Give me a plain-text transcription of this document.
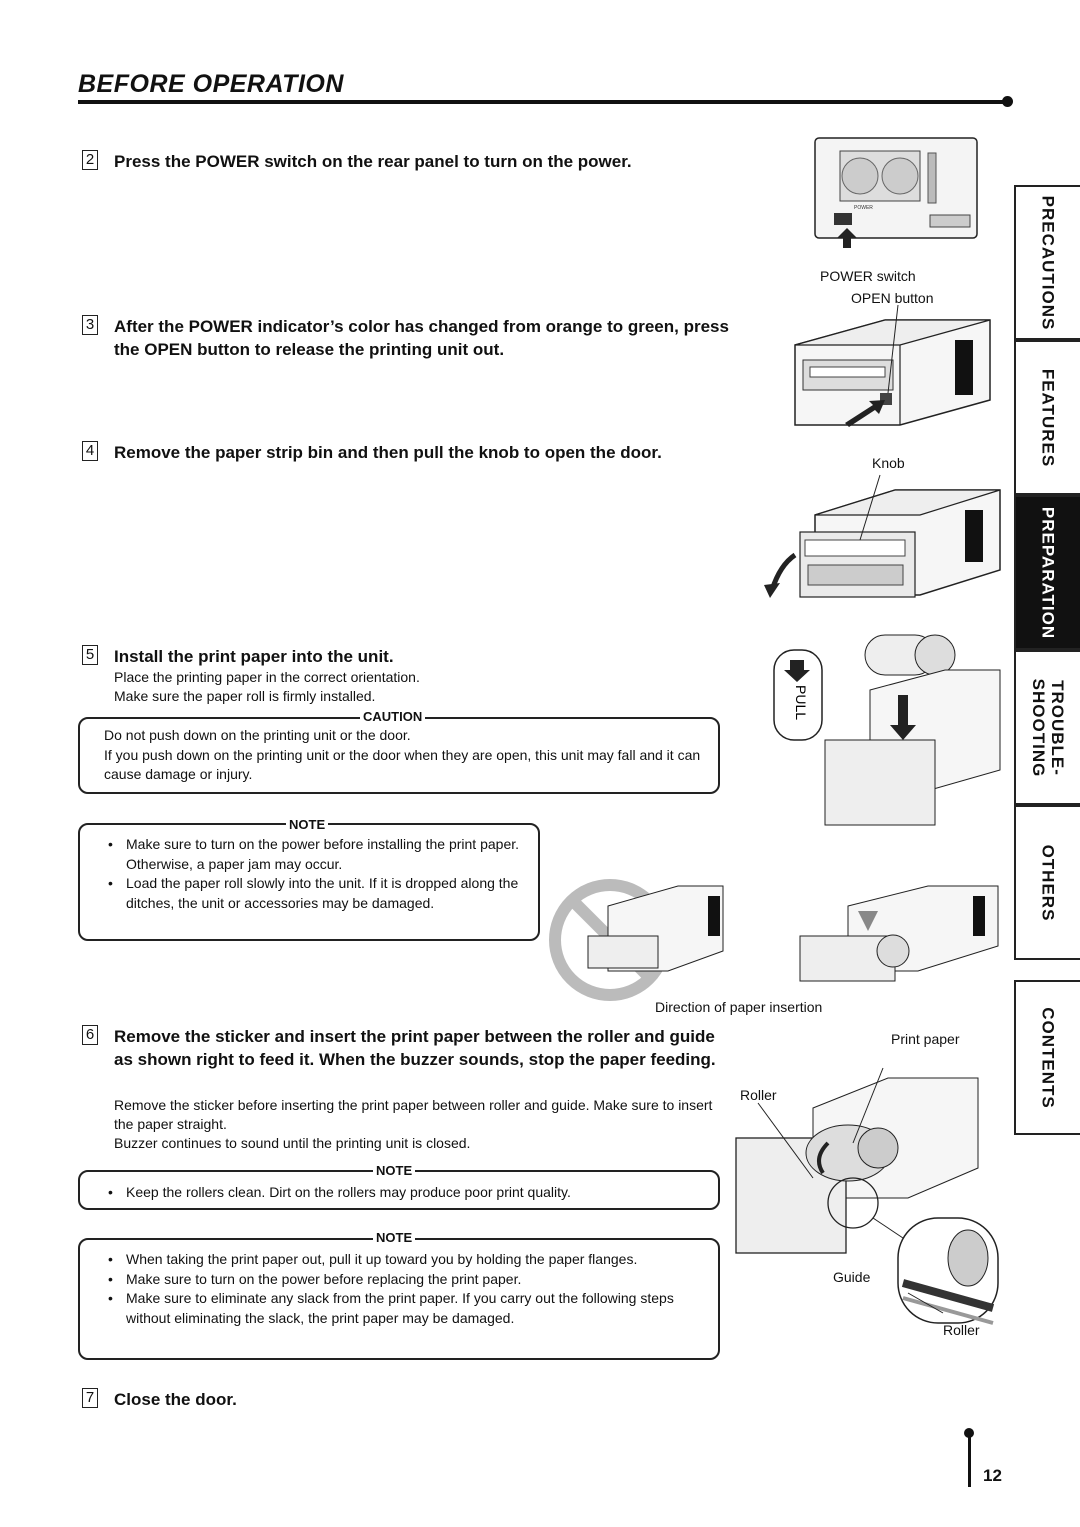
BEFORE OPERATION
2 Press the POWER switch on the rear panel to turn on the power.
3 After the POWER indicator’s color has changed from orange to green, press the OPEN button to release the printing unit out.
4 Remove the paper strip bin and then pull the knob to open the door.
5 Install the print paper into the unit.
Place the printing paper in the correct orientation.
Make sure the paper roll is firmly installed.
CAUTION
Do not push down on the printing unit or the door.
If you push down on the printing unit or the door when they are open, this unit may fall and it can cause damage or injury.
NOTE
• Make sure to turn on the power before installing the print paper. Otherwise, a paper jam may occur.
• Load the paper roll slowly into the unit. If it is dropped along the ditches, the unit or accessories may be damaged.
6 Remove the sticker and insert the print paper between the roller and guide as shown right to feed it. When the buzzer sounds, stop the paper feeding.
Remove the sticker before inserting the print paper between roller and guide. Make sure to insert the paper straight.
Buzzer continues to sound until the printing unit is closed.
NOTE
• Keep the rollers clean. Dirt on the rollers may produce poor print quality.
NOTE
• When taking the print paper out, pull it up toward you by holding the paper flanges.
• Make sure to turn on the power before replacing the print paper.
• Make sure to eliminate any slack from the print paper. If you carry out the following steps without eliminating the slack, the print paper may be damaged.
7 Close the door.
POWER
POWER switch
OPEN button
Knob
PULL
Direction of paper insertion
Print paper
Roller
Guide
Roller
PRECAUTIONS
FEATURES
PREPARATION
TROUBLE- SHOOTING
OTHERS
CONTENTS
12
